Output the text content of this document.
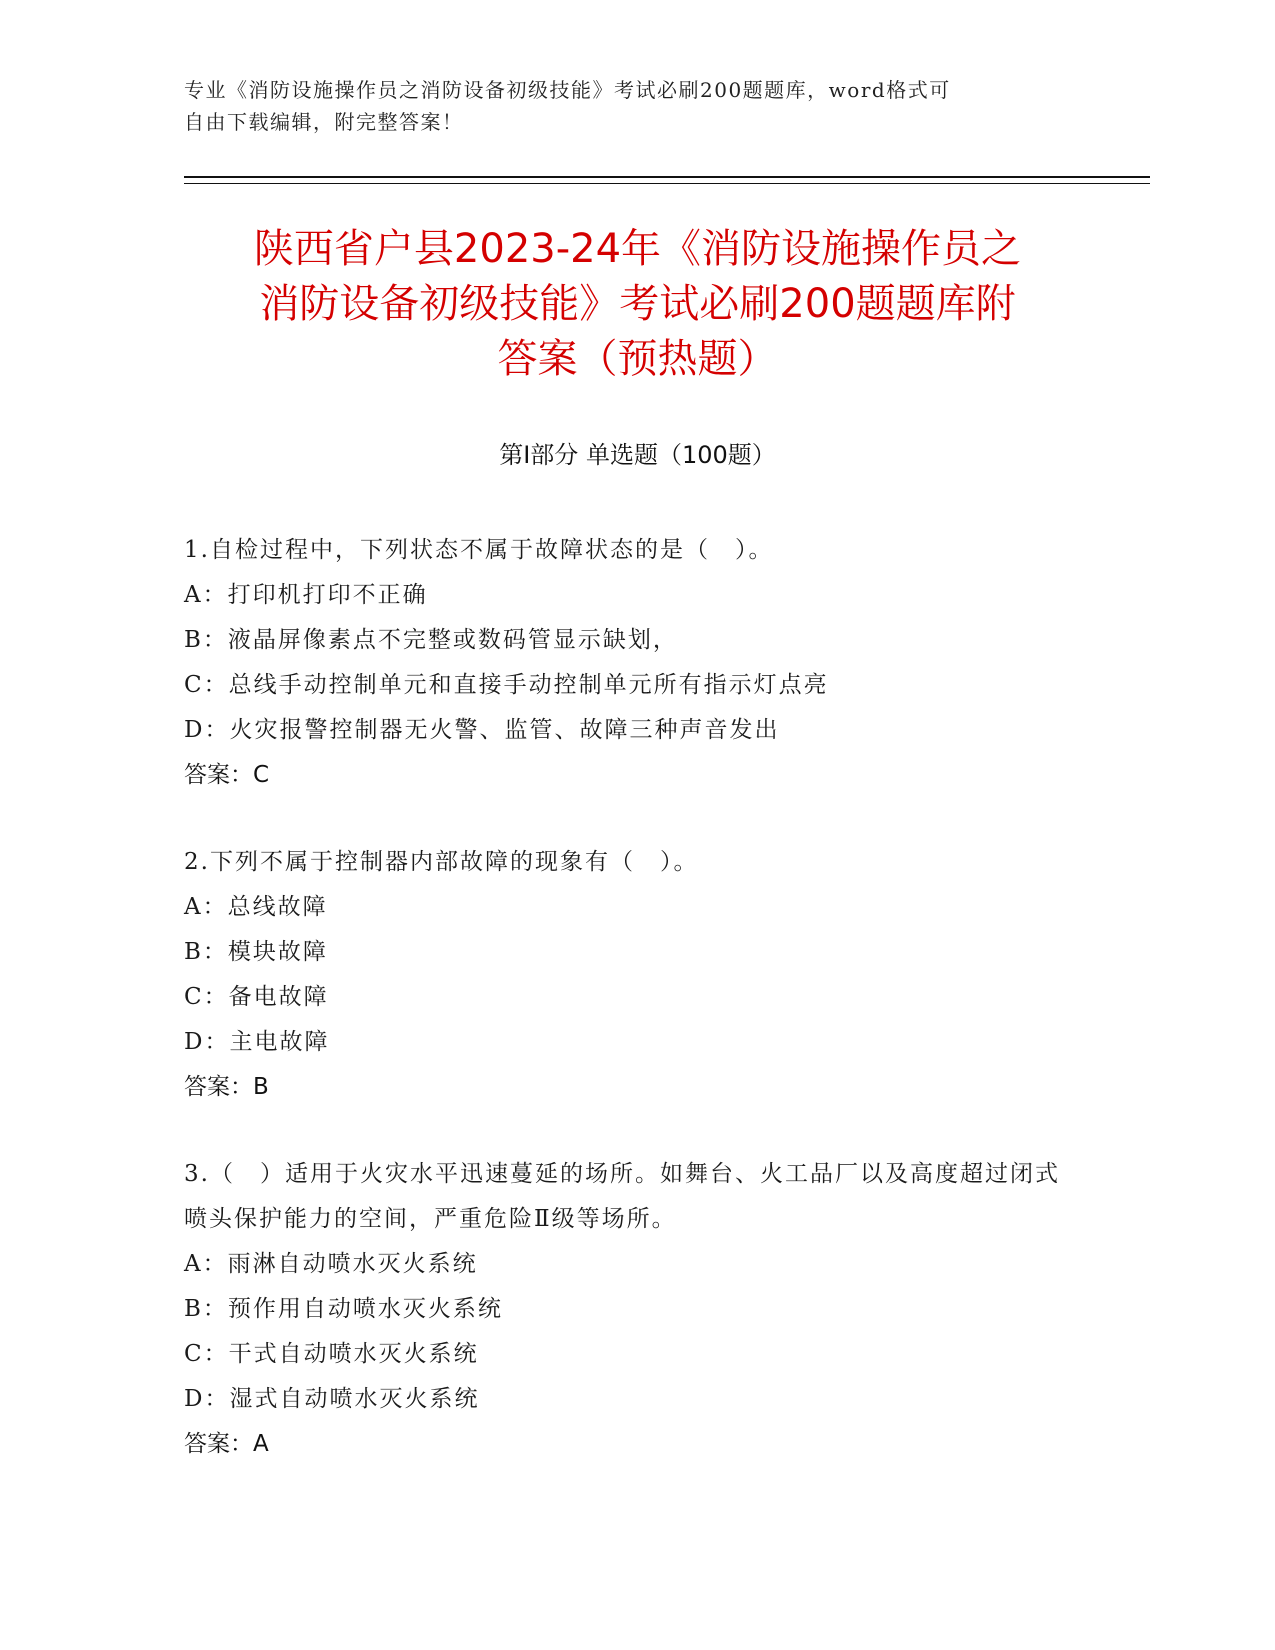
专业《消防设施操作员之消防设备初级技能》考试必刷200题题库，word格式可
自由下载编辑，附完整答案！
陕西省户县2023-24年《消防设施操作员之
消防设备初级技能》考试必刷200题题库附
答案（预热题）
第Ⅰ部分 单选题（100题）
1.自检过程中，下列状态不属于故障状态的是（　）。
A：打印机打印不正确
B：液晶屏像素点不完整或数码管显示缺划，
C：总线手动控制单元和直接手动控制单元所有指示灯点亮
D：火灾报警控制器无火警、监管、故障三种声音发出
答案：C
2.下列不属于控制器内部故障的现象有（　）。
A：总线故障
B：模块故障
C：备电故障
D：主电故障
答案：B
3.（　）适用于火灾水平迅速蔓延的场所。如舞台、火工品厂以及高度超过闭式喷头保护能力的空间，严重危险Ⅱ级等场所。
A：雨淋自动喷水灭火系统
B：预作用自动喷水灭火系统
C：干式自动喷水灭火系统
D：湿式自动喷水灭火系统
答案：A
